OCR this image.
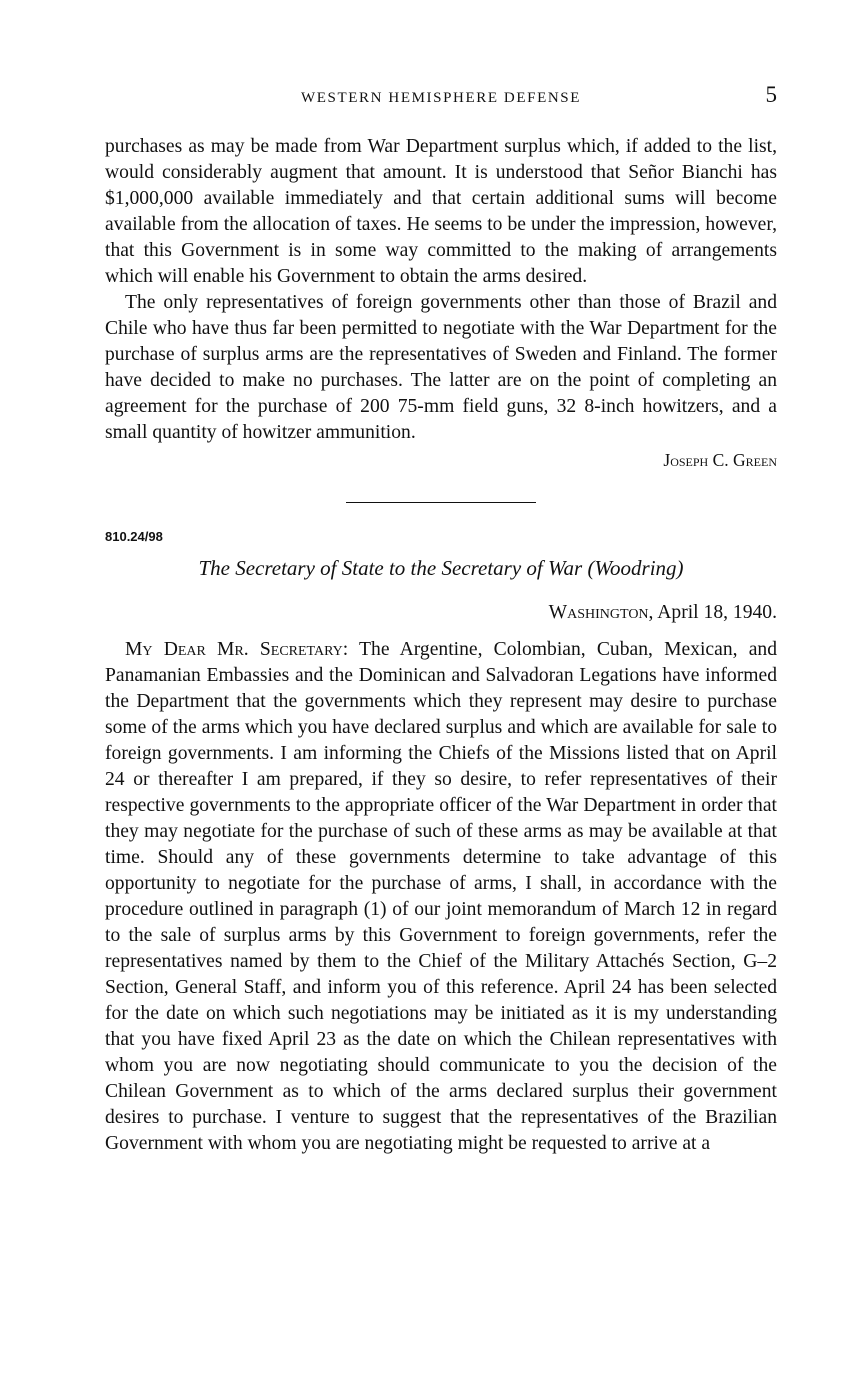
WESTERN HEMISPHERE DEFENSE	5

purchases as may be made from War Department surplus which, if added to the list, would considerably augment that amount. It is understood that Señor Bianchi has $1,000,000 available immediately and that certain additional sums will become available from the allocation of taxes. He seems to be under the impression, however, that this Government is in some way committed to the making of arrangements which will enable his Government to obtain the arms desired.

The only representatives of foreign governments other than those of Brazil and Chile who have thus far been permitted to negotiate with the War Department for the purchase of surplus arms are the representatives of Sweden and Finland. The former have decided to make no purchases. The latter are on the point of completing an agreement for the purchase of 200 75-mm field guns, 32 8-inch howitzers, and a small quantity of howitzer ammunition.

Joseph C. Green
810.24/98
The Secretary of State to the Secretary of War (Woodring)
Washington, April 18, 1940.

My Dear Mr. Secretary: The Argentine, Colombian, Cuban, Mexican, and Panamanian Embassies and the Dominican and Salvadoran Legations have informed the Department that the governments which they represent may desire to purchase some of the arms which you have declared surplus and which are available for sale to foreign governments. I am informing the Chiefs of the Missions listed that on April 24 or thereafter I am prepared, if they so desire, to refer representatives of their respective governments to the appropriate officer of the War Department in order that they may negotiate for the purchase of such of these arms as may be available at that time. Should any of these governments determine to take advantage of this opportunity to negotiate for the purchase of arms, I shall, in accordance with the procedure outlined in paragraph (1) of our joint memorandum of March 12 in regard to the sale of surplus arms by this Government to foreign governments, refer the representatives named by them to the Chief of the Military Attachés Section, G–2 Section, General Staff, and inform you of this reference. April 24 has been selected for the date on which such negotiations may be initiated as it is my understanding that you have fixed April 23 as the date on which the Chilean representatives with whom you are now negotiating should communicate to you the decision of the Chilean Government as to which of the arms declared surplus their government desires to purchase. I venture to suggest that the representatives of the Brazilian Government with whom you are negotiating might be requested to arrive at a
